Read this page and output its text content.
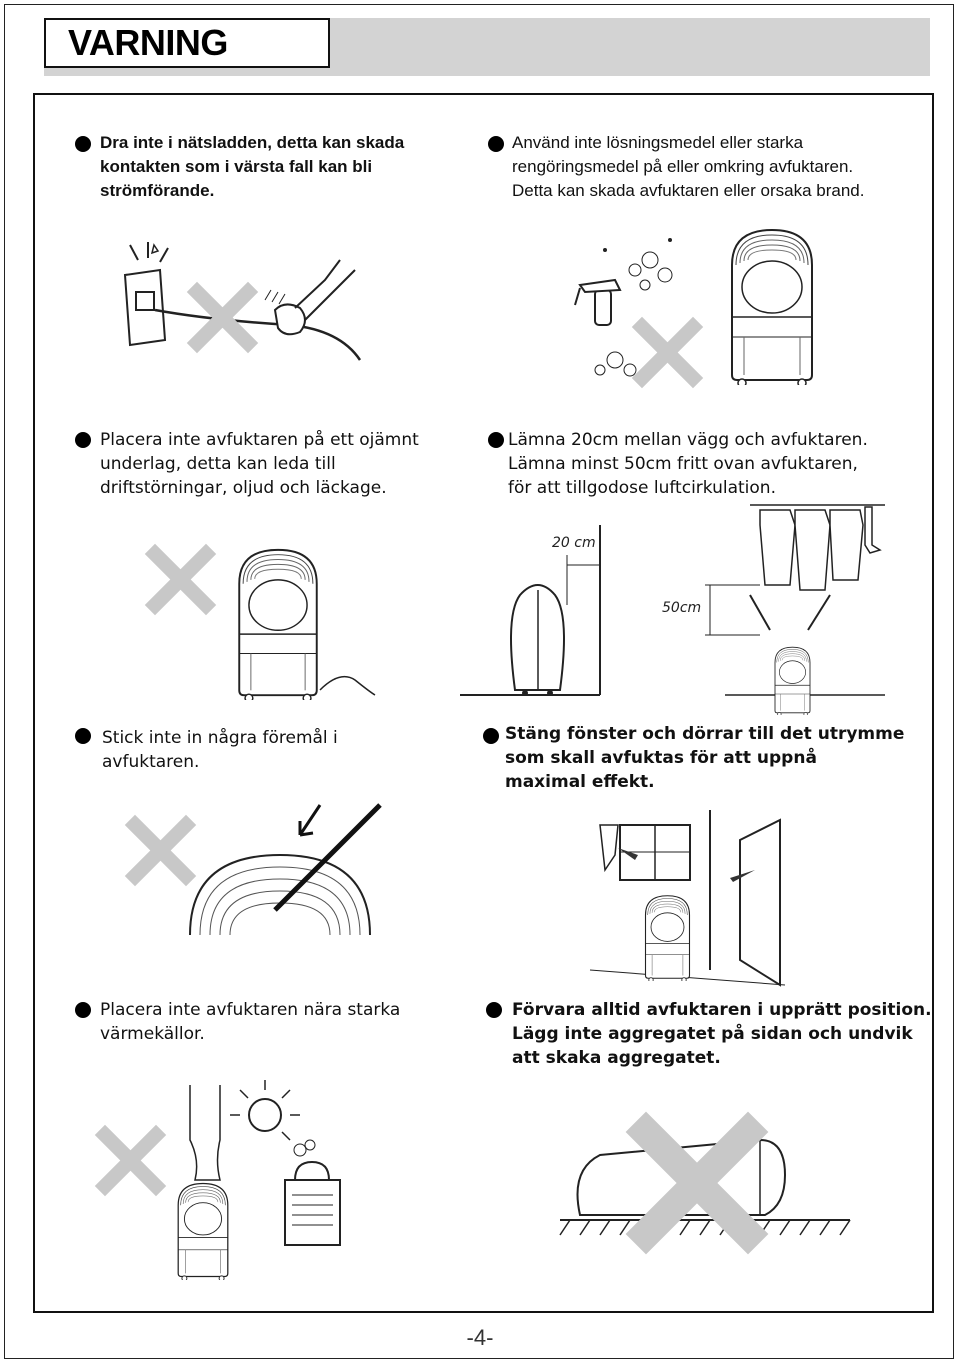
VARNING
Dra inte i nätsladden, detta kan skada
kontakten som i värsta fall kan bli
strömförande.
Använd inte lösningsmedel eller starka
rengöringsmedel på eller omkring avfuktaren.
Detta kan skada avfuktaren eller orsaka brand.
Placera inte avfuktaren på ett ojämnt
underlag, detta kan leda till
driftstörningar, oljud och läckage.
Lämna 20cm mellan vägg och avfuktaren.
Lämna minst 50cm fritt ovan avfuktaren,
för att tillgodose luftcirkulation.
20 cm
50cm
Stick inte in några föremål i
avfuktaren.
Stäng fönster och dörrar till det utrymme
som skall avfuktas för att uppnå
maximal effekt.
Placera inte avfuktaren nära starka
värmekällor.
Förvara alltid avfuktaren i upprätt position.
Lägg inte aggregatet på sidan och undvik
att skaka aggregatet.
-4-
